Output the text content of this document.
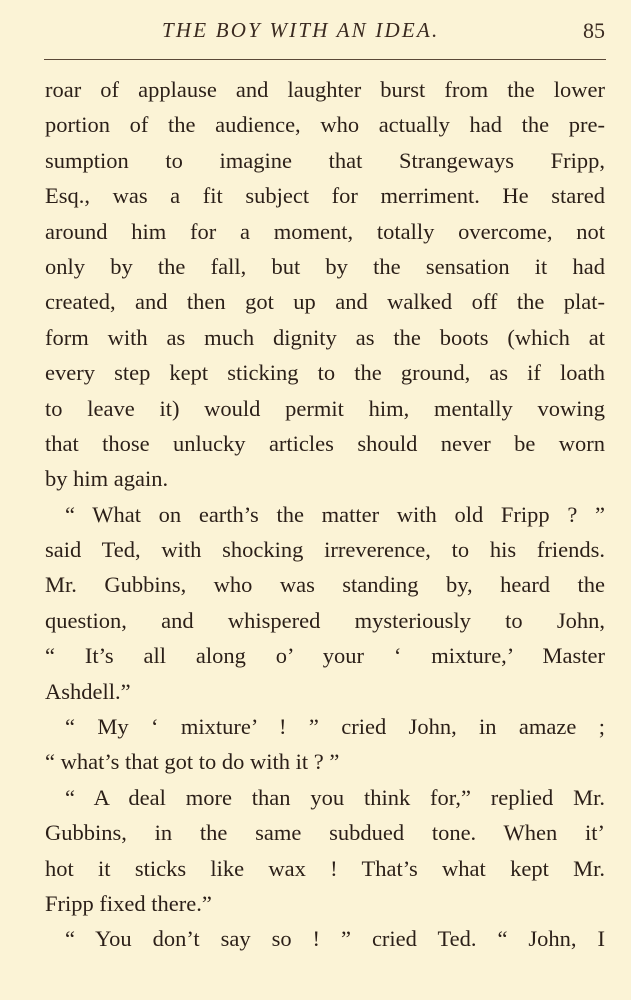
THE BOY WITH AN IDEA.	85
roar of applause and laughter burst from the lower
portion of the audience, who actually had the pre-
sumption to imagine that Strangeways Fripp,
Esq., was a fit subject for merriment. He stared
around him for a moment, totally overcome, not
only by the fall, but by the sensation it had
created, and then got up and walked off the plat-
form with as much dignity as the boots (which at
every step kept sticking to the ground, as if loath
to leave it) would permit him, mentally vowing
that those unlucky articles should never be worn
by him again.
“ What on earth’s the matter with old Fripp ? ”
said Ted, with shocking irreverence, to his friends.
Mr. Gubbins, who was standing by, heard the
question, and whispered mysteriously to John,
“ It’s all along o’ your ‘ mixture,’ Master
Ashdell.”
“ My ‘ mixture’ ! ” cried John, in amaze ;
“ what’s that got to do with it ? ”
“ A deal more than you think for,” replied Mr.
Gubbins, in the same subdued tone. When it’
hot it sticks like wax ! That’s what kept Mr.
Fripp fixed there.”
“ You don’t say so ! ” cried Ted. “ John, I
